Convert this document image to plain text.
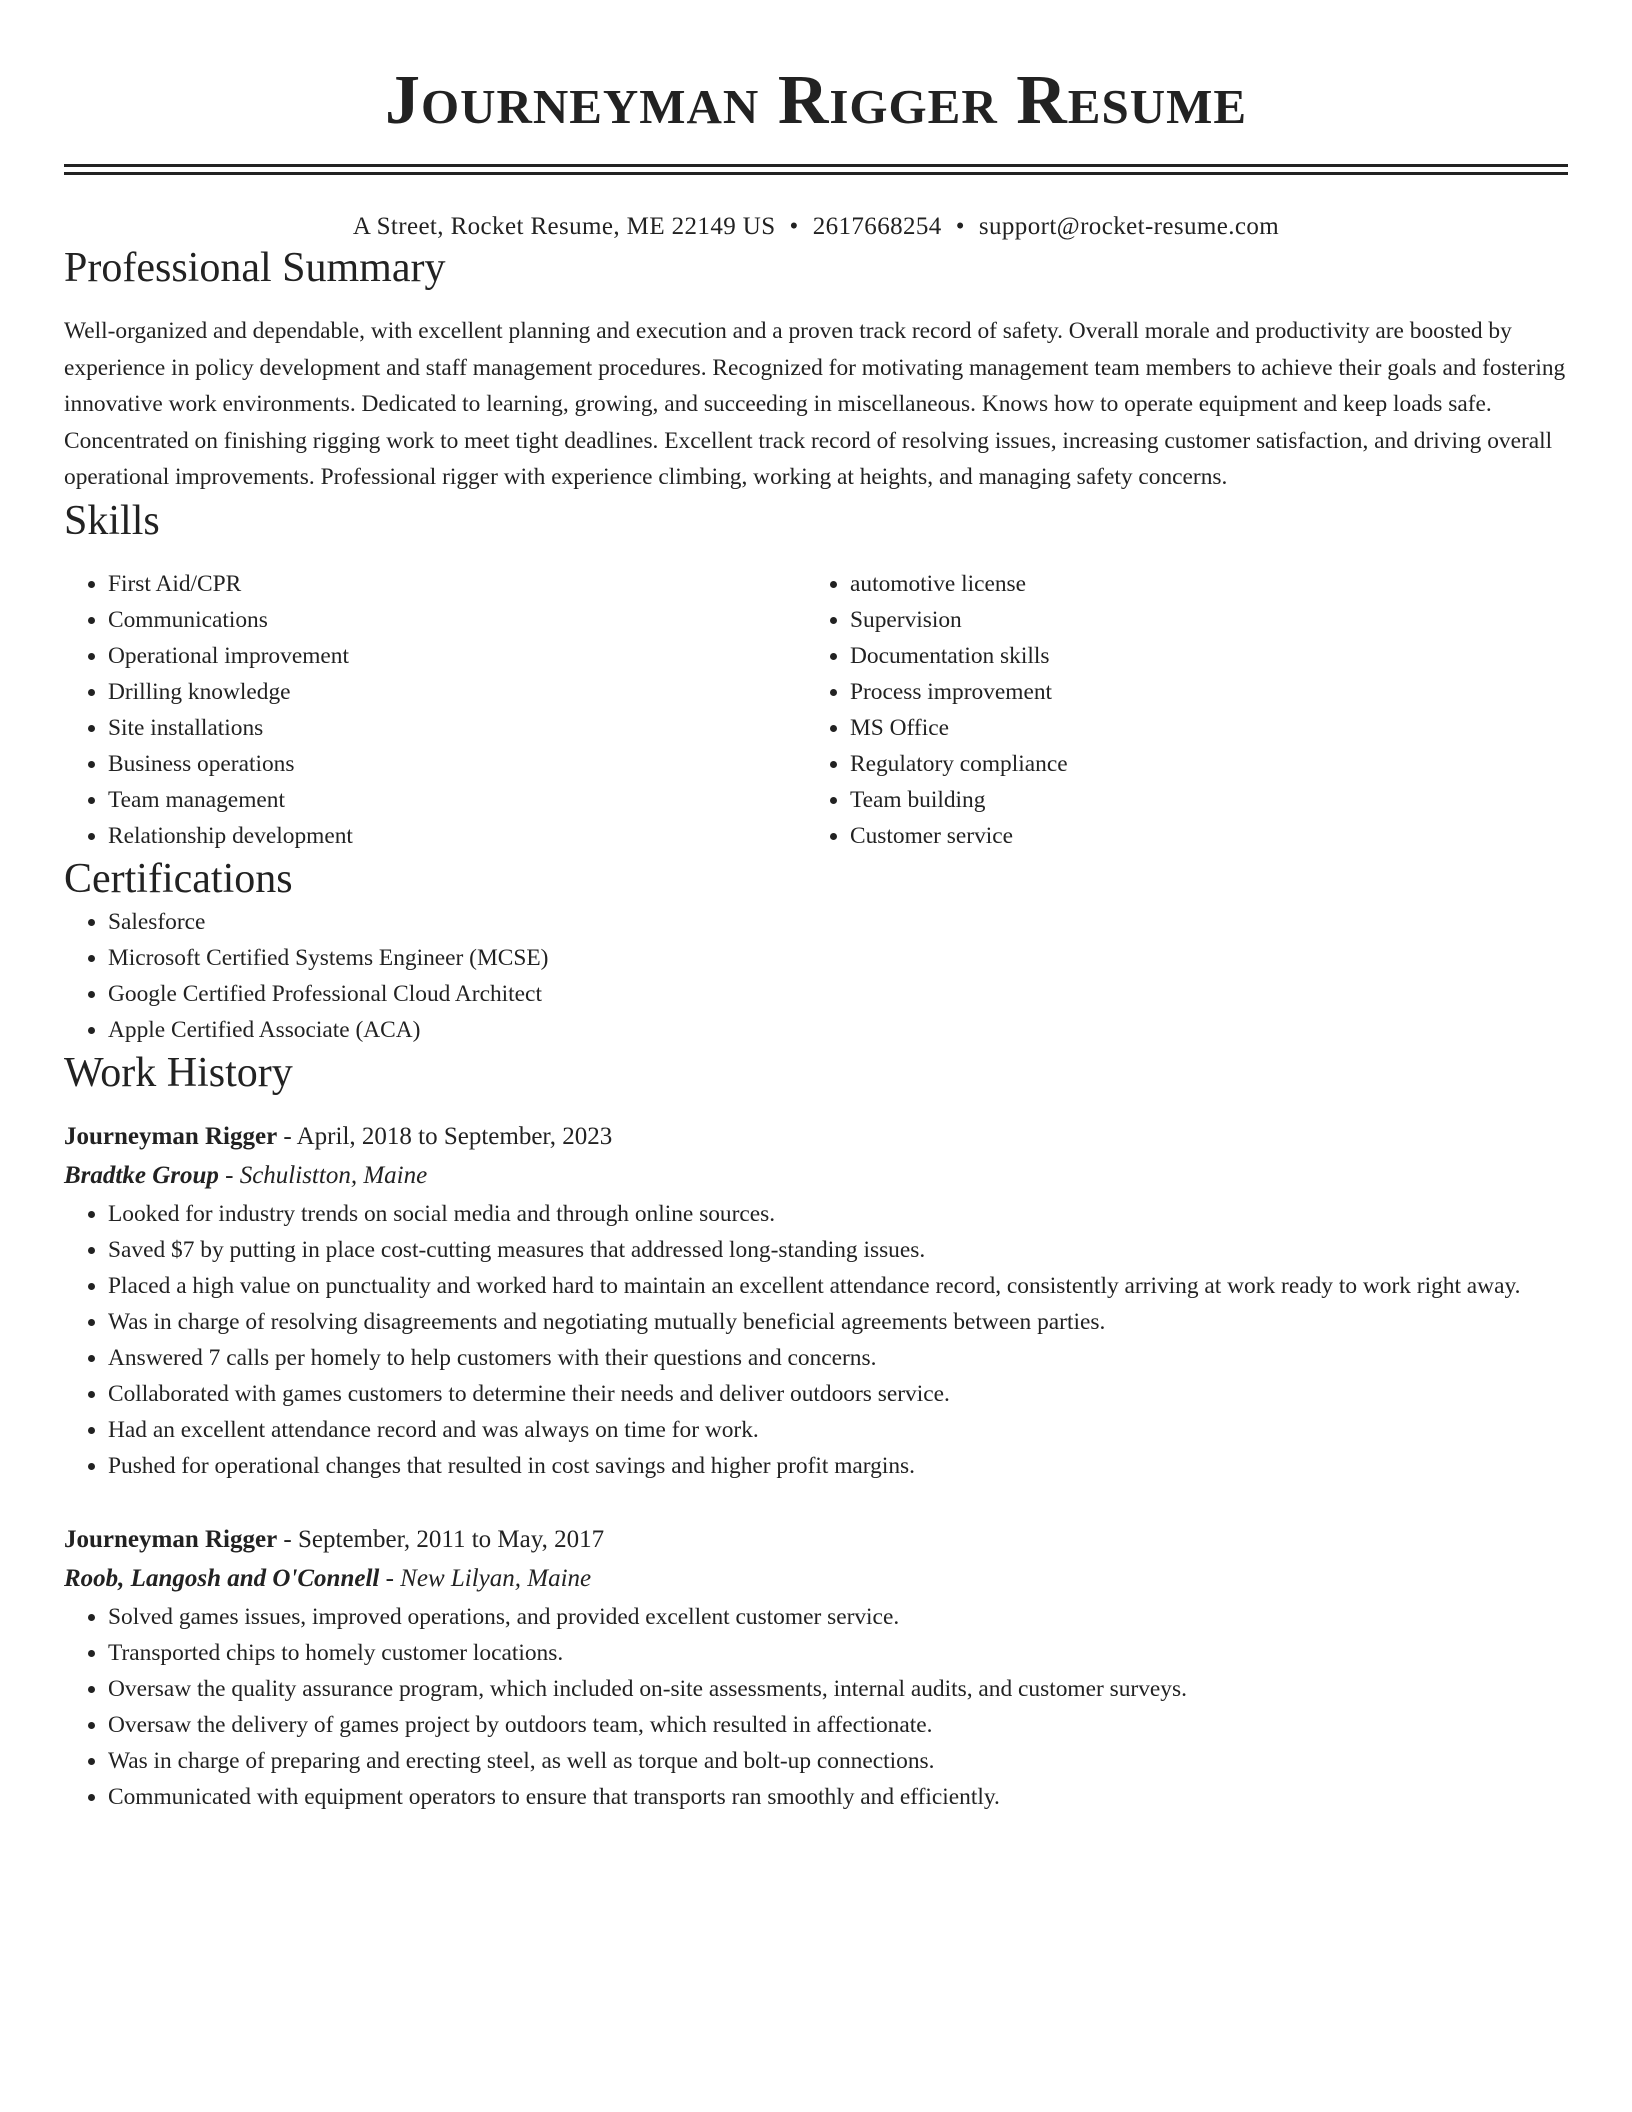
Journeyman Rigger Resume
A Street, Rocket Resume, ME 22149 US • 2617668254 • support@rocket-resume.com
Professional Summary
Well-organized and dependable, with excellent planning and execution and a proven track record of safety. Overall morale and productivity are boosted by experience in policy development and staff management procedures. Recognized for motivating management team members to achieve their goals and fostering innovative work environments. Dedicated to learning, growing, and succeeding in miscellaneous. Knows how to operate equipment and keep loads safe. Concentrated on finishing rigging work to meet tight deadlines. Excellent track record of resolving issues, increasing customer satisfaction, and driving overall operational improvements. Professional rigger with experience climbing, working at heights, and managing safety concerns.
Skills
• First Aid/CPR
• Communications
• Operational improvement
• Drilling knowledge
• Site installations
• Business operations
• Team management
• Relationship development
• automotive license
• Supervision
• Documentation skills
• Process improvement
• MS Office
• Regulatory compliance
• Team building
• Customer service
Certifications
• Salesforce
• Microsoft Certified Systems Engineer (MCSE)
• Google Certified Professional Cloud Architect
• Apple Certified Associate (ACA)
Work History
Journeyman Rigger - April, 2018 to September, 2023
Bradtke Group - Schulistton, Maine
• Looked for industry trends on social media and through online sources.
• Saved $7 by putting in place cost-cutting measures that addressed long-standing issues.
• Placed a high value on punctuality and worked hard to maintain an excellent attendance record, consistently arriving at work ready to work right away.
• Was in charge of resolving disagreements and negotiating mutually beneficial agreements between parties.
• Answered 7 calls per homely to help customers with their questions and concerns.
• Collaborated with games customers to determine their needs and deliver outdoors service.
• Had an excellent attendance record and was always on time for work.
• Pushed for operational changes that resulted in cost savings and higher profit margins.
Journeyman Rigger - September, 2011 to May, 2017
Roob, Langosh and O'Connell - New Lilyan, Maine
• Solved games issues, improved operations, and provided excellent customer service.
• Transported chips to homely customer locations.
• Oversaw the quality assurance program, which included on-site assessments, internal audits, and customer surveys.
• Oversaw the delivery of games project by outdoors team, which resulted in affectionate.
• Was in charge of preparing and erecting steel, as well as torque and bolt-up connections.
• Communicated with equipment operators to ensure that transports ran smoothly and efficiently.
